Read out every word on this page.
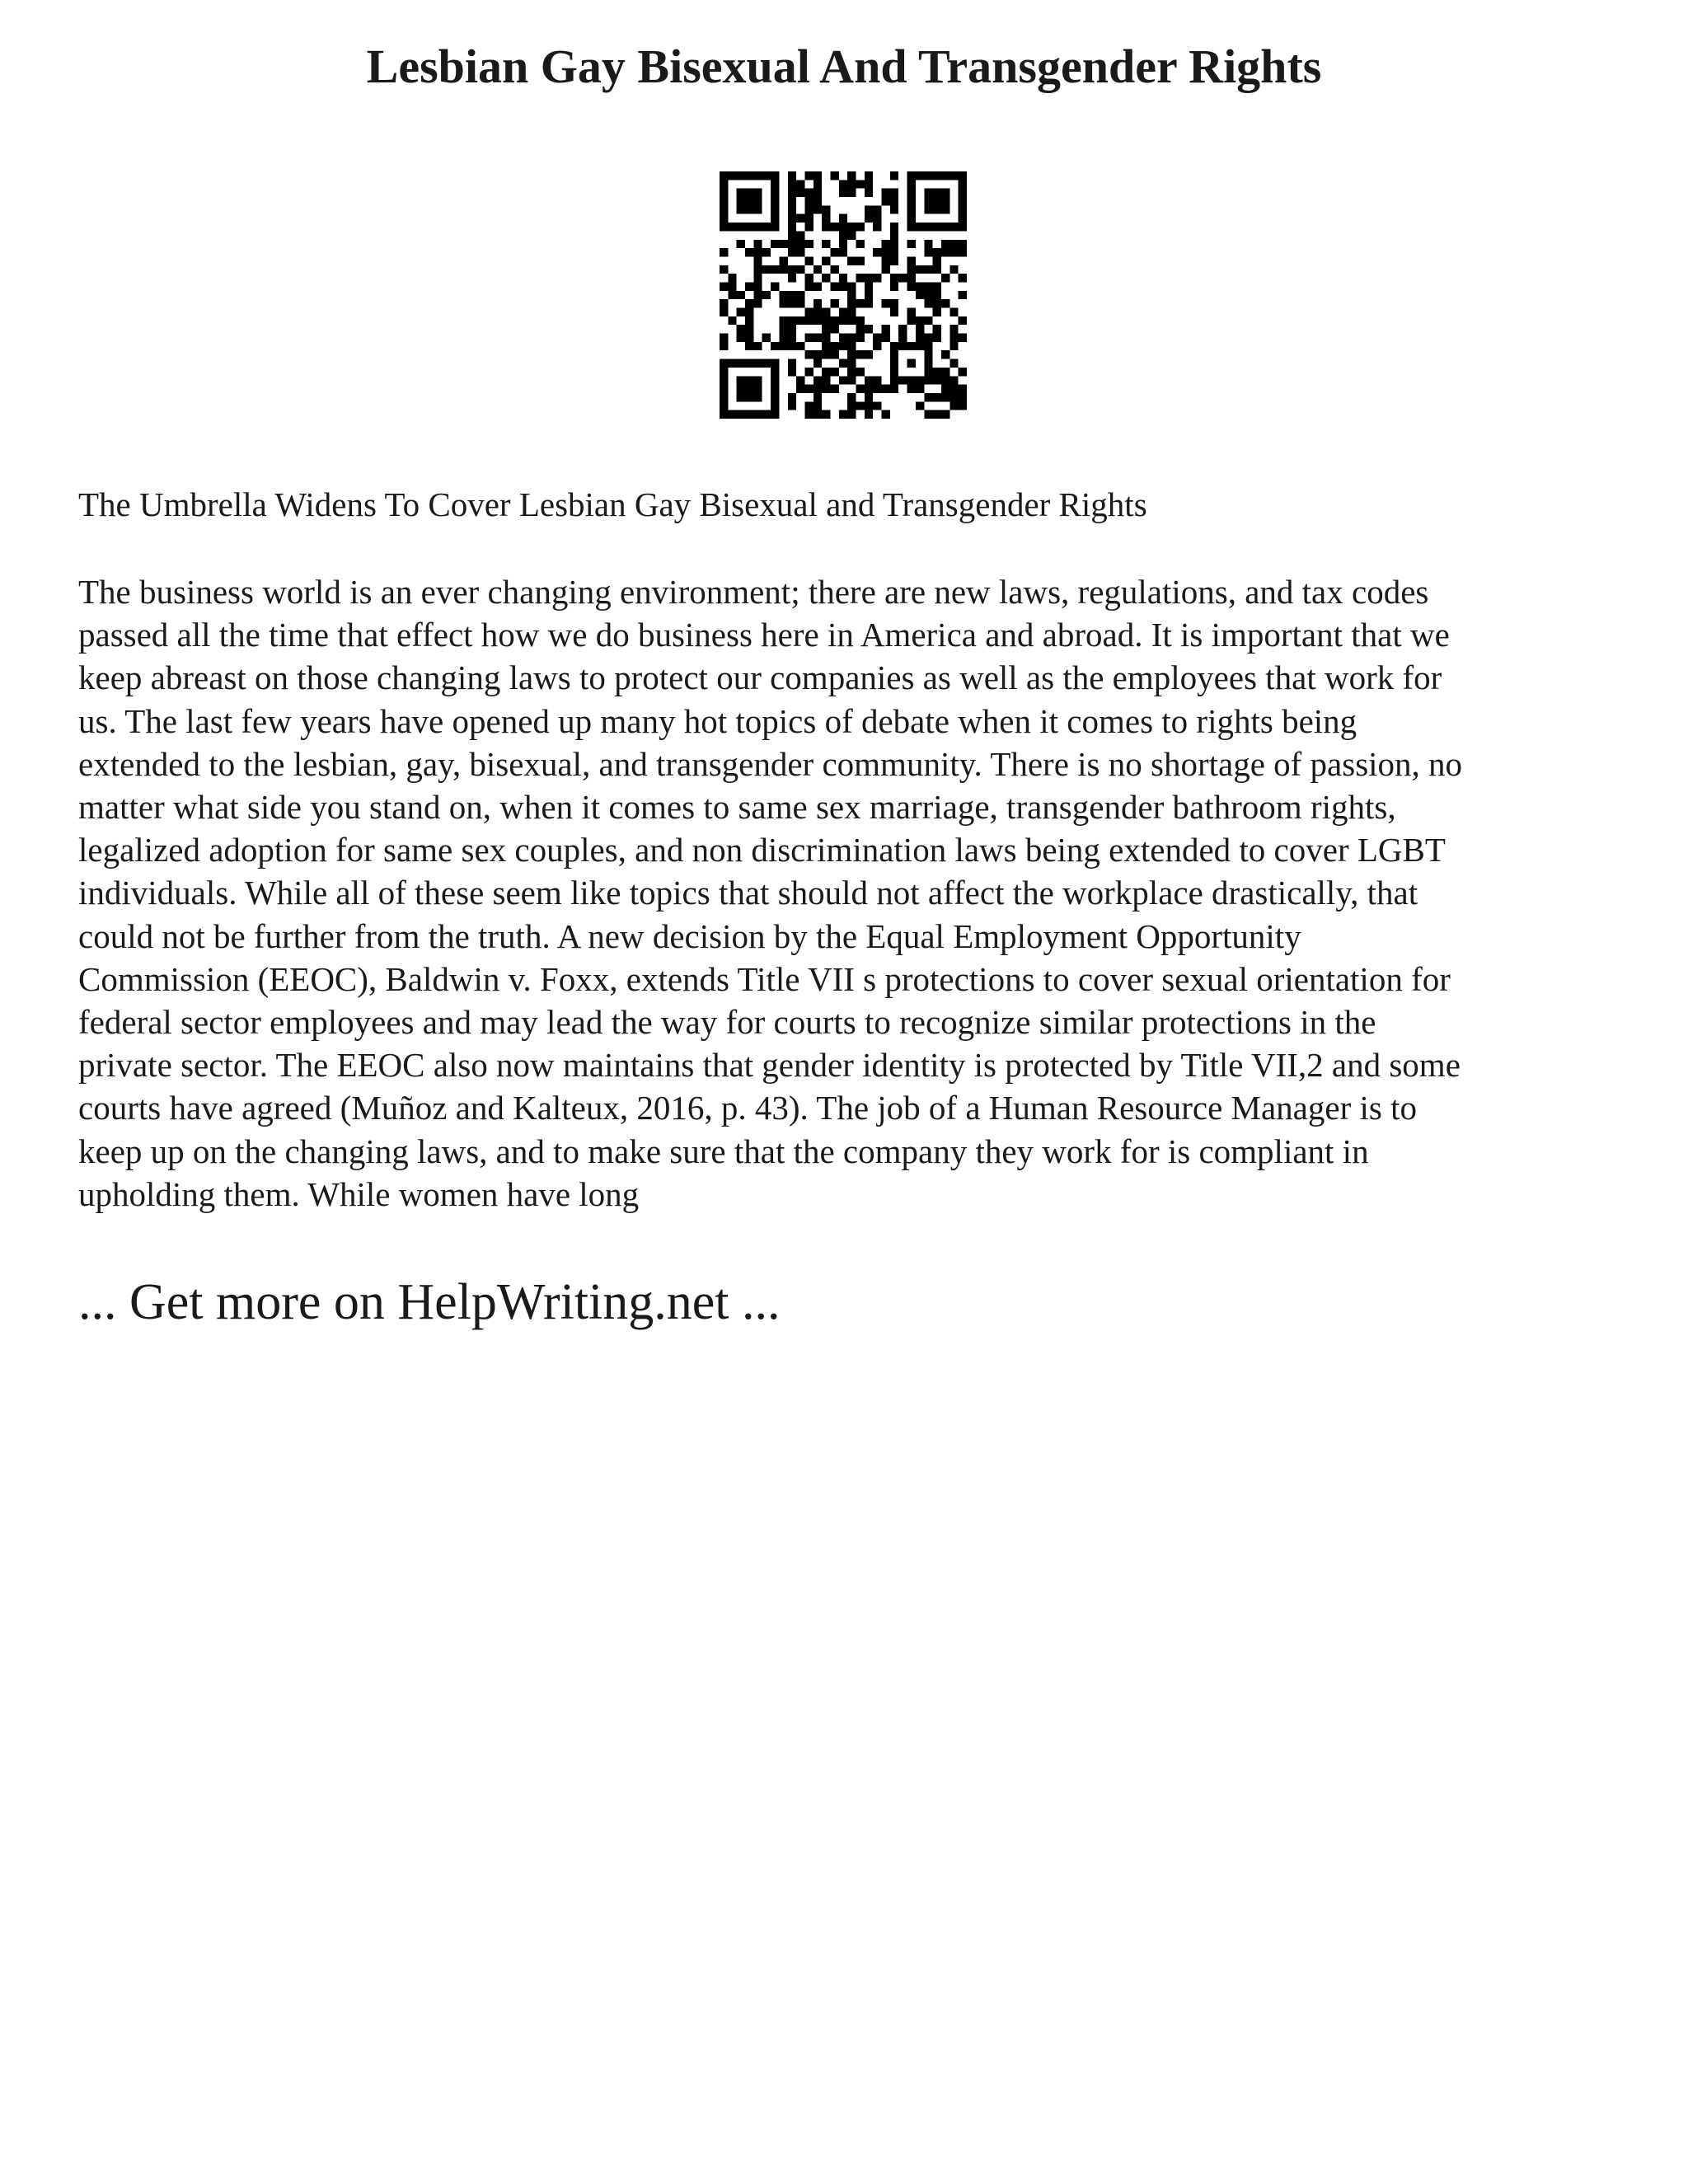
Lesbian Gay Bisexual And Transgender Rights

The Umbrella Widens To Cover Lesbian Gay Bisexual and Transgender Rights

The business world is an ever changing environment; there are new laws, regulations, and tax codes
passed all the time that effect how we do business here in America and abroad. It is important that we
keep abreast on those changing laws to protect our companies as well as the employees that work for
us. The last few years have opened up many hot topics of debate when it comes to rights being
extended to the lesbian, gay, bisexual, and transgender community. There is no shortage of passion, no
matter what side you stand on, when it comes to same sex marriage, transgender bathroom rights,
legalized adoption for same sex couples, and non discrimination laws being extended to cover LGBT
individuals. While all of these seem like topics that should not affect the workplace drastically, that
could not be further from the truth. A new decision by the Equal Employment Opportunity
Commission (EEOC), Baldwin v. Foxx, extends Title VII s protections to cover sexual orientation for
federal sector employees and may lead the way for courts to recognize similar protections in the
private sector. The EEOC also now maintains that gender identity is protected by Title VII,2 and some
courts have agreed (Muñoz and Kalteux, 2016, p. 43). The job of a Human Resource Manager is to
keep up on the changing laws, and to make sure that the company they work for is compliant in
upholding them. While women have long
... Get more on HelpWriting.net ...
